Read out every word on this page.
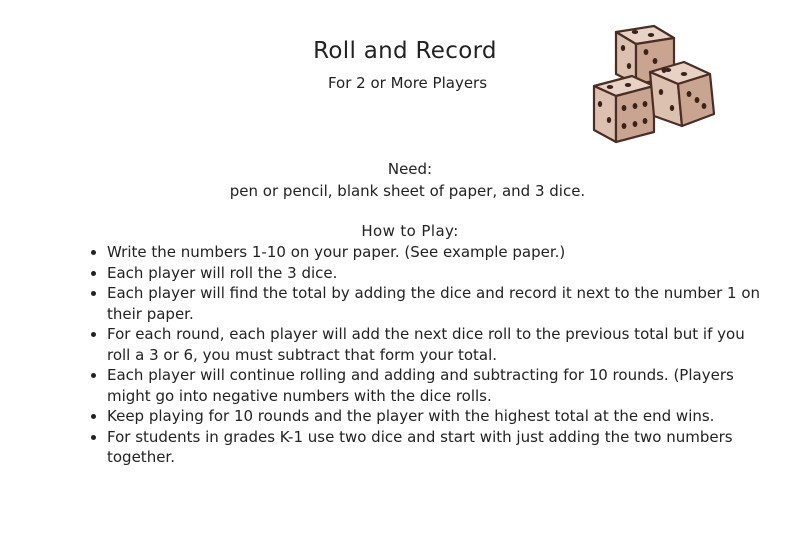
Roll and Record
For 2 or More Players
Need:
pen or pencil, blank sheet of paper, and 3 dice.
How to Play:
• Write the numbers 1-10 on your paper. (See example paper.)
• Each player will roll the 3 dice.
• Each player will find the total by adding the dice and record it next to the number 1 on their paper.
• For each round, each player will add the next dice roll to the previous total but if you roll a 3 or 6, you must subtract that form your total.
• Each player will continue rolling and adding and subtracting for 10 rounds. (Players might go into negative numbers with the dice rolls.
• Keep playing for 10 rounds and the player with the highest total at the end wins.
• For students in grades K-1 use two dice and start with just adding the two numbers together.
